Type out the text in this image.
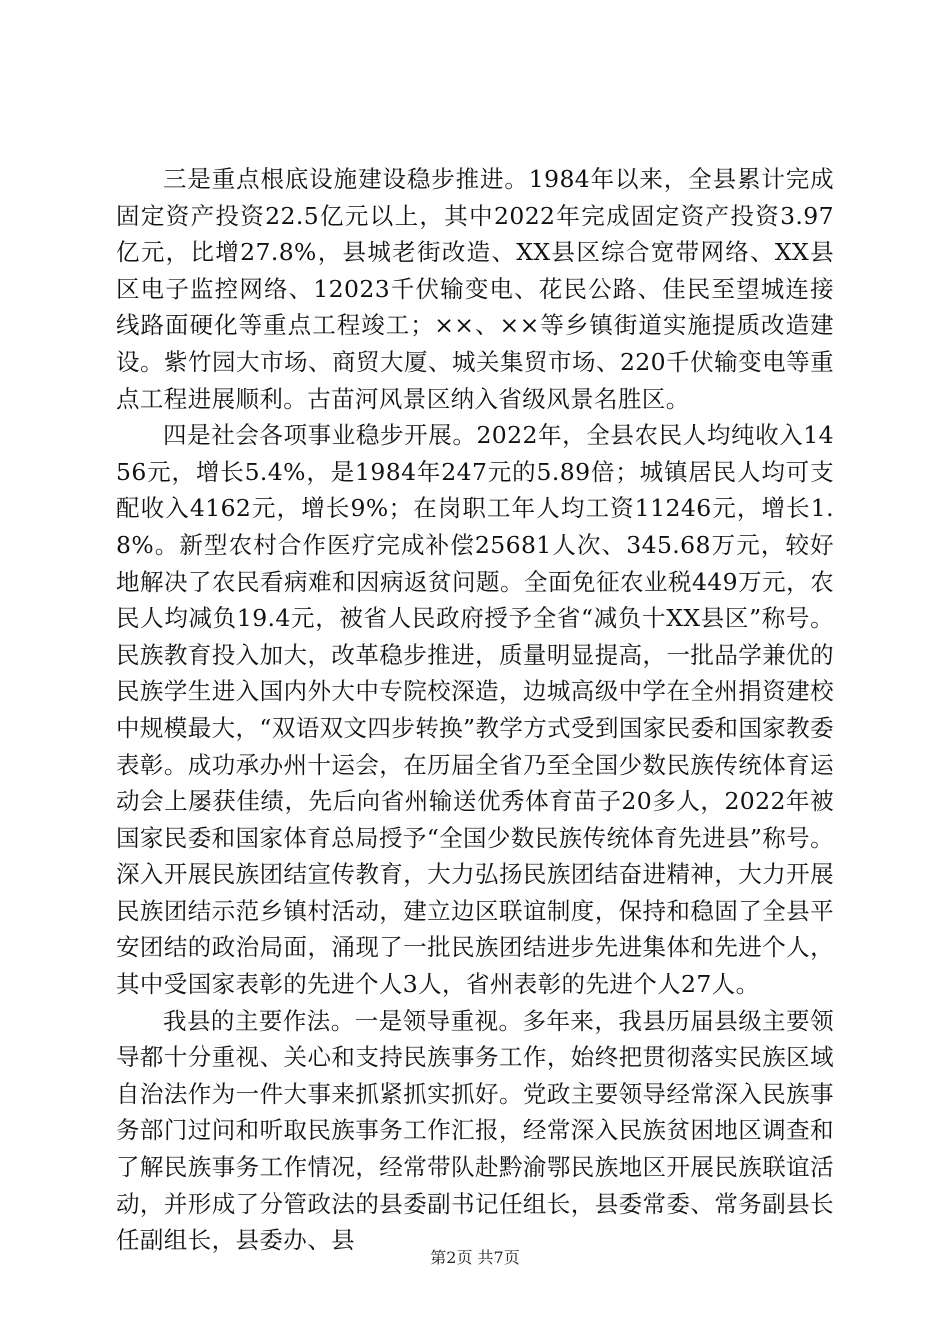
三是重点根底设施建设稳步推进。1984年以来，全县累计完成固定资产投资22.5亿元以上，其中2022年完成固定资产投资3.97亿元，比增27.8%，县城老街改造、XX县区综合宽带网络、XX县区电子监控网络、12023千伏输变电、花民公路、佳民至望城连接线路面硬化等重点工程竣工；××、××等乡镇街道实施提质改造建设。紫竹园大市场、商贸大厦、城关集贸市场、220千伏输变电等重点工程进展顺利。古苗河风景区纳入省级风景名胜区。

四是社会各项事业稳步开展。2022年，全县农民人均纯收入1456元，增长5.4%，是1984年247元的5.89倍；城镇居民人均可支配收入4162元，增长9%；在岗职工年人均工资11246元，增长1.8%。新型农村合作医疗完成补偿25681人次、345.68万元，较好地解决了农民看病难和因病返贫问题。全面免征农业税449万元，农民人均减负19.4元，被省人民政府授予全省“减负十XX县区”称号。民族教育投入加大，改革稳步推进，质量明显提高，一批品学兼优的民族学生进入国内外大中专院校深造，边城高级中学在全州捐资建校中规模最大，“双语双文四步转换”教学方式受到国家民委和国家教委表彰。成功承办州十运会，在历届全省乃至全国少数民族传统体育运动会上屡获佳绩，先后向省州输送优秀体育苗子20多人，2022年被国家民委和国家体育总局授予“全国少数民族传统体育先进县”称号。深入开展民族团结宣传教育，大力弘扬民族团结奋进精神，大力开展民族团结示范乡镇村活动，建立边区联谊制度，保持和稳固了全县平安团结的政治局面，涌现了一批民族团结进步先进集体和先进个人，其中受国家表彰的先进个人3人，省州表彰的先进个人27人。

我县的主要作法。一是领导重视。多年来，我县历届县级主要领导都十分重视、关心和支持民族事务工作，始终把贯彻落实民族区域自治法作为一件大事来抓紧抓实抓好。党政主要领导经常深入民族事务部门过问和听取民族事务工作汇报，经常深入民族贫困地区调查和了解民族事务工作情况，经常带队赴黔渝鄂民族地区开展民族联谊活动，并形成了分管政法的县委副书记任组长，县委常委、常务副县长任副组长，县委办、县

第2页 共7页
